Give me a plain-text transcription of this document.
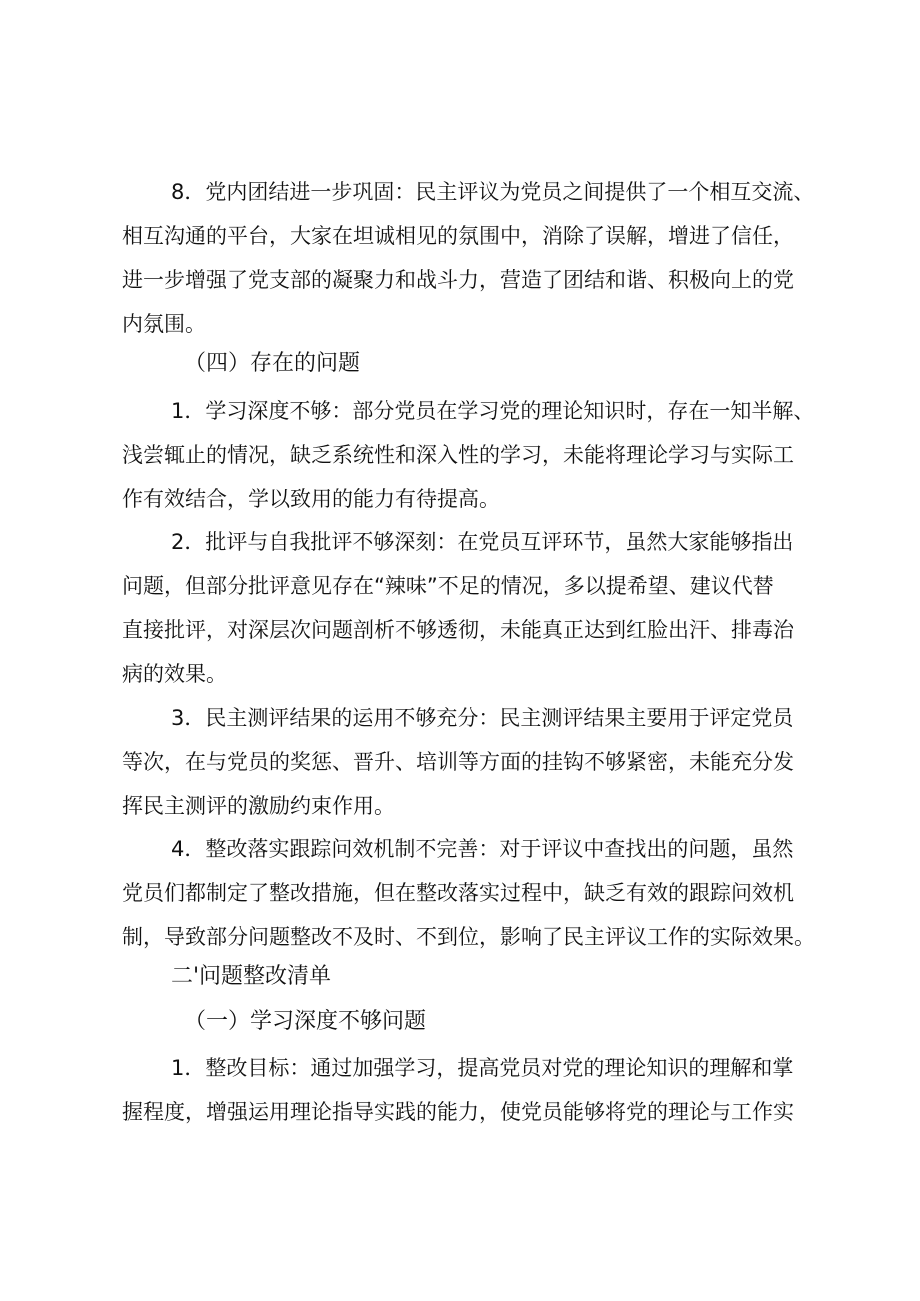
8．党内团结进一步巩固：民主评议为党员之间提供了一个相互交流、
相互沟通的平台，大家在坦诚相见的氛围中，消除了误解，增进了信任，
进一步增强了党支部的凝聚力和战斗力，营造了团结和谐、积极向上的党
内氛围。
（四）存在的问题
1．学习深度不够：部分党员在学习党的理论知识时，存在一知半解、
浅尝辄止的情况，缺乏系统性和深入性的学习，未能将理论学习与实际工
作有效结合，学以致用的能力有待提高。
2．批评与自我批评不够深刻：在党员互评环节，虽然大家能够指出
问题，但部分批评意见存在“辣味”不足的情况，多以提希望、建议代替
直接批评，对深层次问题剖析不够透彻，未能真正达到红脸出汗、排毒治
病的效果。
3．民主测评结果的运用不够充分：民主测评结果主要用于评定党员
等次，在与党员的奖惩、晋升、培训等方面的挂钩不够紧密，未能充分发
挥民主测评的激励约束作用。
4．整改落实跟踪问效机制不完善：对于评议中查找出的问题，虽然
党员们都制定了整改措施，但在整改落实过程中，缺乏有效的跟踪问效机
制，导致部分问题整改不及时、不到位，影响了民主评议工作的实际效果。
二'问题整改清单
（一）学习深度不够问题
1．整改目标：通过加强学习，提高党员对党的理论知识的理解和掌
握程度，增强运用理论指导实践的能力，使党员能够将党的理论与工作实
